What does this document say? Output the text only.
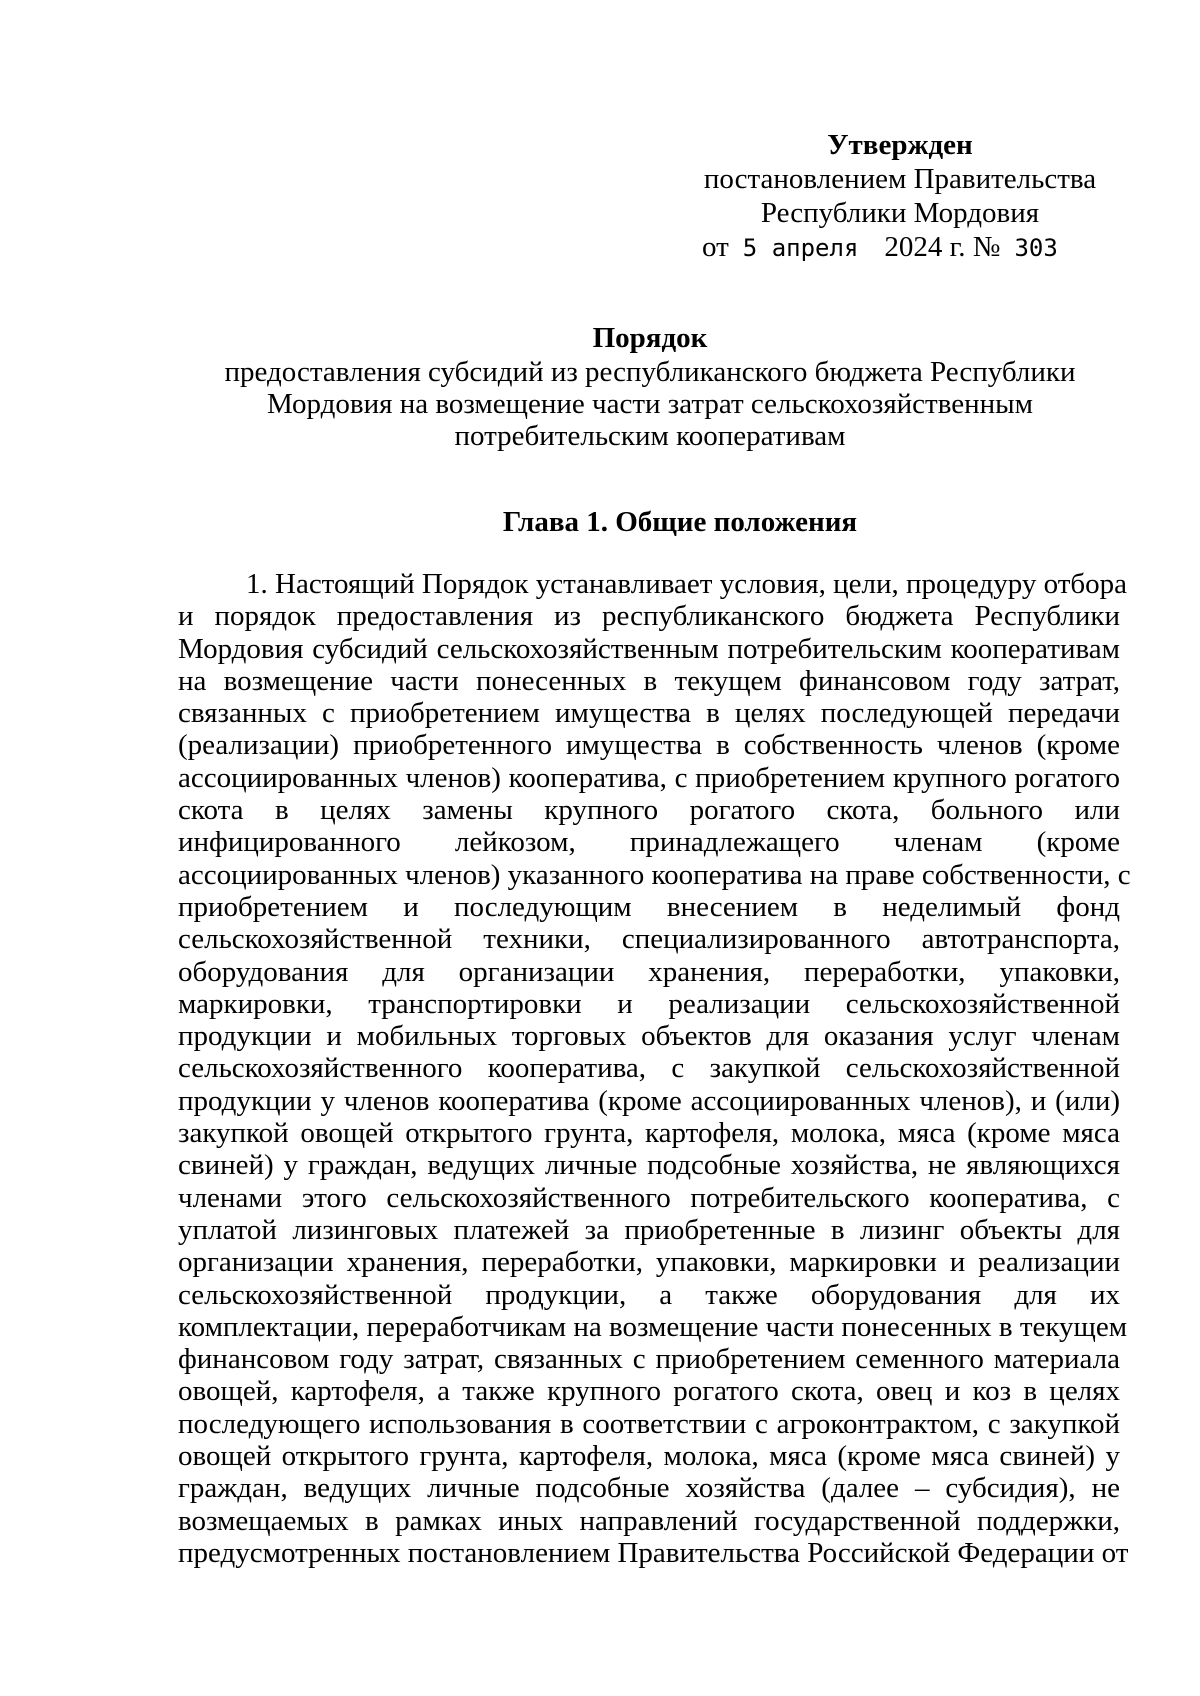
Утвержден
постановлением Правительства
Республики Мордовия
от 5 апреля 2024 г. № 303
Порядок
предоставления субсидий из республиканского бюджета Республики
Мордовия на возмещение части затрат сельскохозяйственным
потребительским кооперативам
Глава 1. Общие положения
1. Настоящий Порядок устанавливает условия, цели, процедуру отбора
и порядок предоставления из республиканского бюджета Республики
Мордовия субсидий сельскохозяйственным потребительским кооперативам
на возмещение части понесенных в текущем финансовом году затрат,
связанных с приобретением имущества в целях последующей передачи
(реализации) приобретенного имущества в собственность членов (кроме
ассоциированных членов) кооператива, с приобретением крупного рогатого
скота в целях замены крупного рогатого скота, больного или
инфицированного лейкозом, принадлежащего членам (кроме
ассоциированных членов) указанного кооператива на праве собственности, с
приобретением и последующим внесением в неделимый фонд
сельскохозяйственной техники, специализированного автотранспорта,
оборудования для организации хранения, переработки, упаковки,
маркировки, транспортировки и реализации сельскохозяйственной
продукции и мобильных торговых объектов для оказания услуг членам
сельскохозяйственного кооператива, с закупкой сельскохозяйственной
продукции у членов кооператива (кроме ассоциированных членов), и (или)
закупкой овощей открытого грунта, картофеля, молока, мяса (кроме мяса
свиней) у граждан, ведущих личные подсобные хозяйства, не являющихся
членами этого сельскохозяйственного потребительского кооператива, с
уплатой лизинговых платежей за приобретенные в лизинг объекты для
организации хранения, переработки, упаковки, маркировки и реализации
сельскохозяйственной продукции, а также оборудования для их
комплектации, переработчикам на возмещение части понесенных в текущем
финансовом году затрат, связанных с приобретением семенного материала
овощей, картофеля, а также крупного рогатого скота, овец и коз в целях
последующего использования в соответствии с агроконтрактом, с закупкой
овощей открытого грунта, картофеля, молока, мяса (кроме мяса свиней) у
граждан, ведущих личные подсобные хозяйства (далее – субсидия), не
возмещаемых в рамках иных направлений государственной поддержки,
предусмотренных постановлением Правительства Российской Федерации от
